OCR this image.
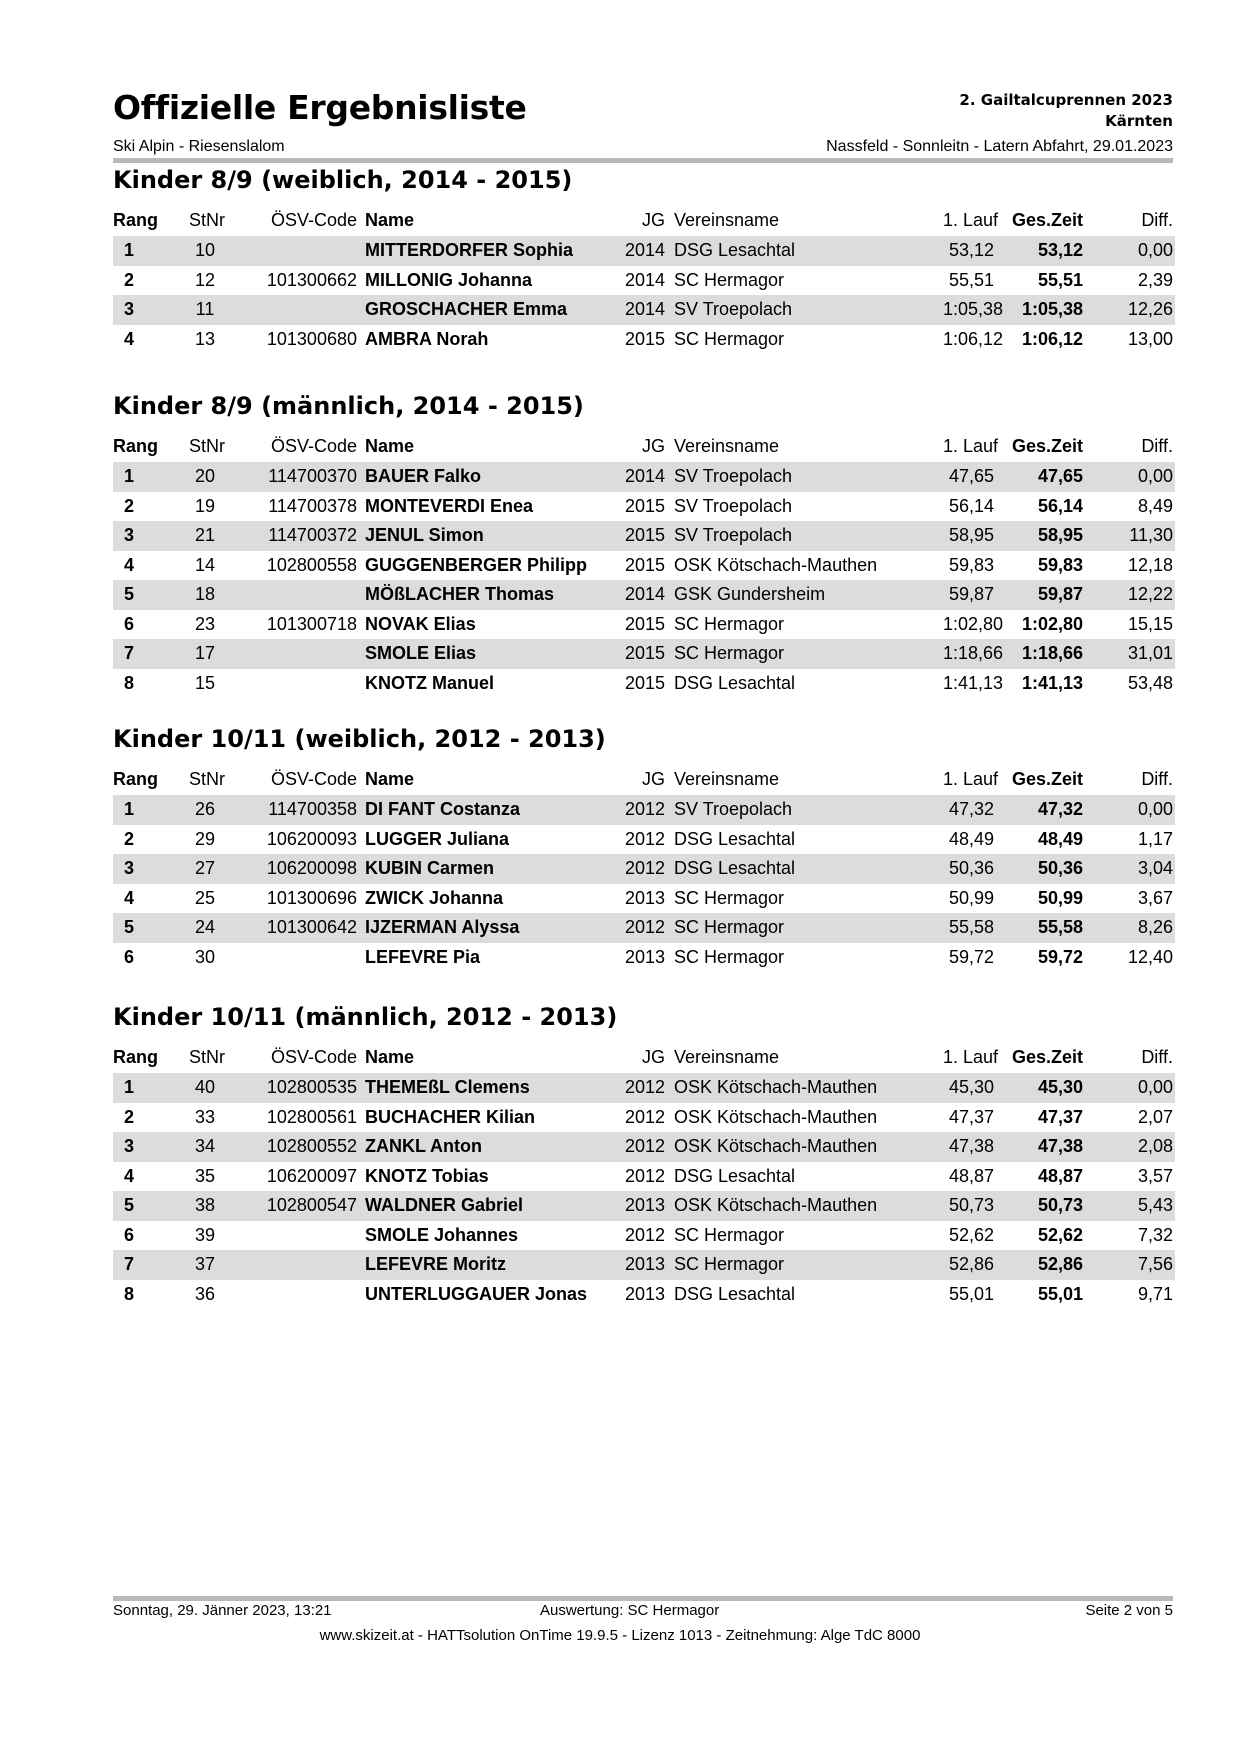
Offizielle Ergebnisliste	2. Gailtalcuprennen 2023
Kärnten
Ski Alpin - Riesenslalom	Nassfeld - Sonnleitn - Latern Abfahrt, 29.01.2023
Kinder 8/9 (weiblich, 2014 - 2015)
Rang StNr	ÖSV-Code Name	JG Vereinsname	1. Lauf Ges.Zeit	Diff.
1	10	MITTERDORFER Sophia	2014 DSG Lesachtal	53,12	53,12	0,00
2	12	101300662 MILLONIG Johanna	2014 SC Hermagor	55,51	55,51	2,39
3	11	GROSCHACHER Emma	2014 SV Troepolach	1:05,38	1:05,38	12,26
4	13	101300680 AMBRA Norah	2015 SC Hermagor	1:06,12	1:06,12	13,00
Kinder 8/9 (männlich, 2014 - 2015)
Rang StNr	ÖSV-Code Name	JG Vereinsname	1. Lauf Ges.Zeit	Diff.
1	20	114700370 BAUER Falko	2014 SV Troepolach	47,65	47,65	0,00
2	19	114700378 MONTEVERDI Enea	2015 SV Troepolach	56,14	56,14	8,49
3	21	114700372 JENUL Simon	2015 SV Troepolach	58,95	58,95	11,30
4	14	102800558 GUGGENBERGER Philipp	2015 OSK Kötschach-Mauthen	59,83	59,83	12,18
5	18	MÖßLACHER Thomas	2014 GSK Gundersheim	59,87	59,87	12,22
6	23	101300718 NOVAK Elias	2015 SC Hermagor	1:02,80	1:02,80	15,15
7	17	SMOLE Elias	2015 SC Hermagor	1:18,66	1:18,66	31,01
8	15	KNOTZ Manuel	2015 DSG Lesachtal	1:41,13	1:41,13	53,48
Kinder 10/11 (weiblich, 2012 - 2013)
Rang StNr	ÖSV-Code Name	JG Vereinsname	1. Lauf Ges.Zeit	Diff.
1	26	114700358 DI FANT Costanza	2012 SV Troepolach	47,32	47,32	0,00
2	29	106200093 LUGGER Juliana	2012 DSG Lesachtal	48,49	48,49	1,17
3	27	106200098 KUBIN Carmen	2012 DSG Lesachtal	50,36	50,36	3,04
4	25	101300696 ZWICK Johanna	2013 SC Hermagor	50,99	50,99	3,67
5	24	101300642 IJZERMAN Alyssa	2012 SC Hermagor	55,58	55,58	8,26
6	30	LEFEVRE Pia	2013 SC Hermagor	59,72	59,72	12,40
Kinder 10/11 (männlich, 2012 - 2013)
Rang StNr	ÖSV-Code Name	JG Vereinsname	1. Lauf Ges.Zeit	Diff.
1	40	102800535 THEMEßL Clemens	2012 OSK Kötschach-Mauthen	45,30	45,30	0,00
2	33	102800561 BUCHACHER Kilian	2012 OSK Kötschach-Mauthen	47,37	47,37	2,07
3	34	102800552 ZANKL Anton	2012 OSK Kötschach-Mauthen	47,38	47,38	2,08
4	35	106200097 KNOTZ Tobias	2012 DSG Lesachtal	48,87	48,87	3,57
5	38	102800547 WALDNER Gabriel	2013 OSK Kötschach-Mauthen	50,73	50,73	5,43
6	39	SMOLE Johannes	2012 SC Hermagor	52,62	52,62	7,32
7	37	LEFEVRE Moritz	2013 SC Hermagor	52,86	52,86	7,56
8	36	UNTERLUGGAUER Jonas	2013 DSG Lesachtal	55,01	55,01	9,71
Sonntag, 29. Jänner 2023, 13:21	Auswertung: SC Hermagor	Seite 2 von 5
www.skizeit.at - HATTsolution OnTime 19.9.5 - Lizenz 1013 - Zeitnehmung: Alge TdC 8000
